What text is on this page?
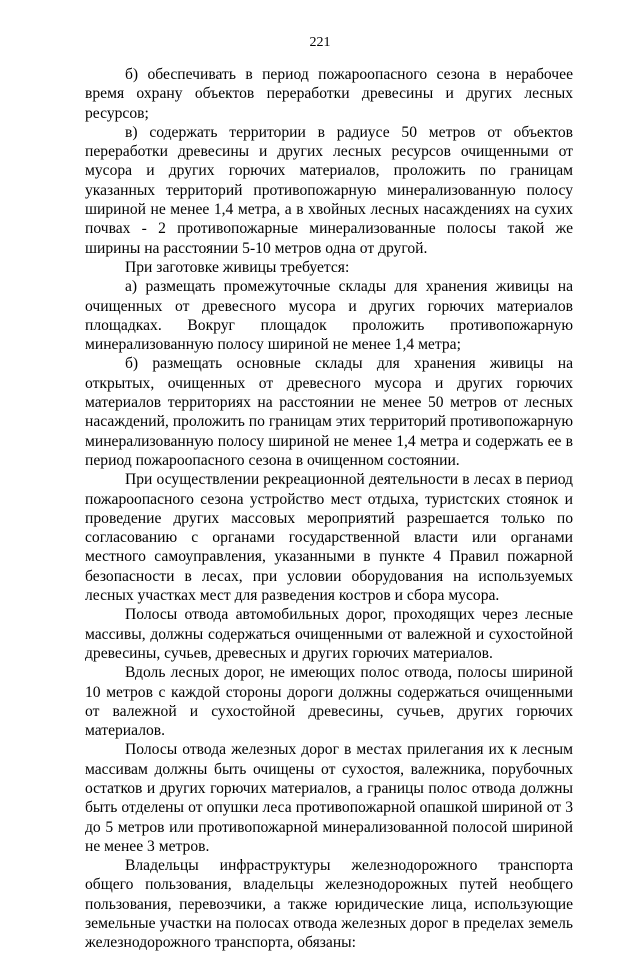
221

б) обеспечивать в период пожароопасного сезона в нерабочее время охрану объектов переработки древесины и других лесных ресурсов;

в) содержать территории в радиусе 50 метров от объектов переработки древесины и других лесных ресурсов очищенными от мусора и других горючих материалов, проложить по границам указанных территорий противопожарную минерализованную полосу шириной не менее 1,4 метра, а в хвойных лесных насаждениях на сухих почвах - 2 противопожарные минерализованные полосы такой же ширины на расстоянии 5-10 метров одна от другой.

При заготовке живицы требуется:

а) размещать промежуточные склады для хранения живицы на очищенных от древесного мусора и других горючих материалов площадках. Вокруг площадок проложить противопожарную минерализованную полосу шириной не менее 1,4 метра;

б) размещать основные склады для хранения живицы на открытых, очищенных от древесного мусора и других горючих материалов территориях на расстоянии не менее 50 метров от лесных насаждений, проложить по границам этих территорий противопожарную минерализованную полосу шириной не менее 1,4 метра и содержать ее в период пожароопасного сезона в очищенном состоянии.

При осуществлении рекреационной деятельности в лесах в период пожароопасного сезона устройство мест отдыха, туристских стоянок и проведение других массовых мероприятий разрешается только по согласованию с органами государственной власти или органами местного самоуправления, указанными в пункте 4 Правил пожарной безопасности в лесах, при условии оборудования на используемых лесных участках мест для разведения костров и сбора мусора.

Полосы отвода автомобильных дорог, проходящих через лесные массивы, должны содержаться очищенными от валежной и сухостойной древесины, сучьев, древесных и других горючих материалов.

Вдоль лесных дорог, не имеющих полос отвода, полосы шириной 10 метров с каждой стороны дороги должны содержаться очищенными от валежной и сухостойной древесины, сучьев, других горючих материалов.

Полосы отвода железных дорог в местах прилегания их к лесным массивам должны быть очищены от сухостоя, валежника, порубочных остатков и других горючих материалов, а границы полос отвода должны быть отделены от опушки леса противопожарной опашкой шириной от 3 до 5 метров или противопожарной минерализованной полосой шириной не менее 3 метров.

Владельцы инфраструктуры железнодорожного транспорта общего пользования, владельцы железнодорожных путей необщего пользования, перевозчики, а также юридические лица, использующие земельные участки на полосах отвода железных дорог в пределах земель железнодорожного транспорта, обязаны:
